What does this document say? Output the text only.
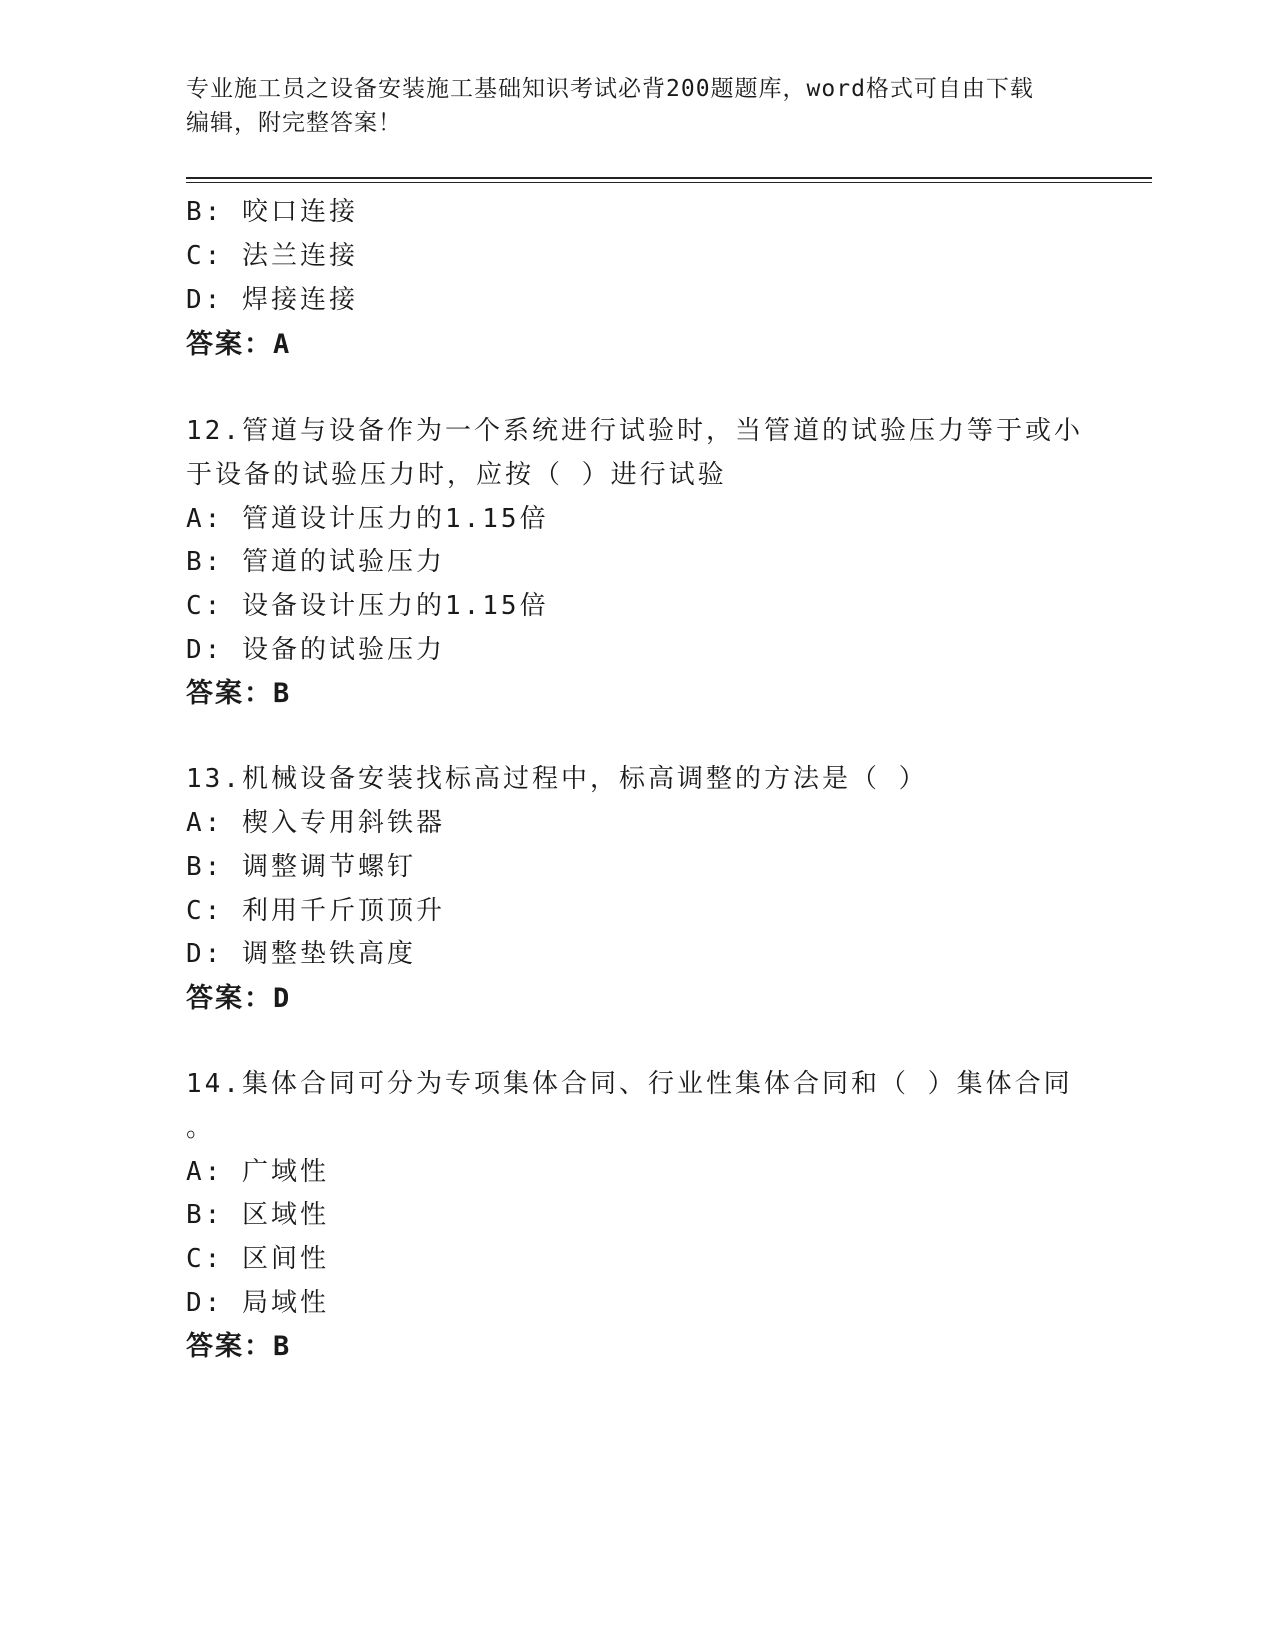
专业施工员之设备安装施工基础知识考试必背200题题库，word格式可自由下载
编辑，附完整答案！
B: 咬口连接
C: 法兰连接
D: 焊接连接
答案：A
12.管道与设备作为一个系统进行试验时，当管道的试验压力等于或小
于设备的试验压力时，应按（ ）进行试验
A: 管道设计压力的1.15倍
B: 管道的试验压力
C: 设备设计压力的1.15倍
D: 设备的试验压力
答案：B
13.机械设备安装找标高过程中，标高调整的方法是（ ）
A: 楔入专用斜铁器
B: 调整调节螺钉
C: 利用千斤顶顶升
D: 调整垫铁高度
答案：D
14.集体合同可分为专项集体合同、行业性集体合同和（ ）集体合同
。
A: 广域性
B: 区域性
C: 区间性
D: 局域性
答案：B
